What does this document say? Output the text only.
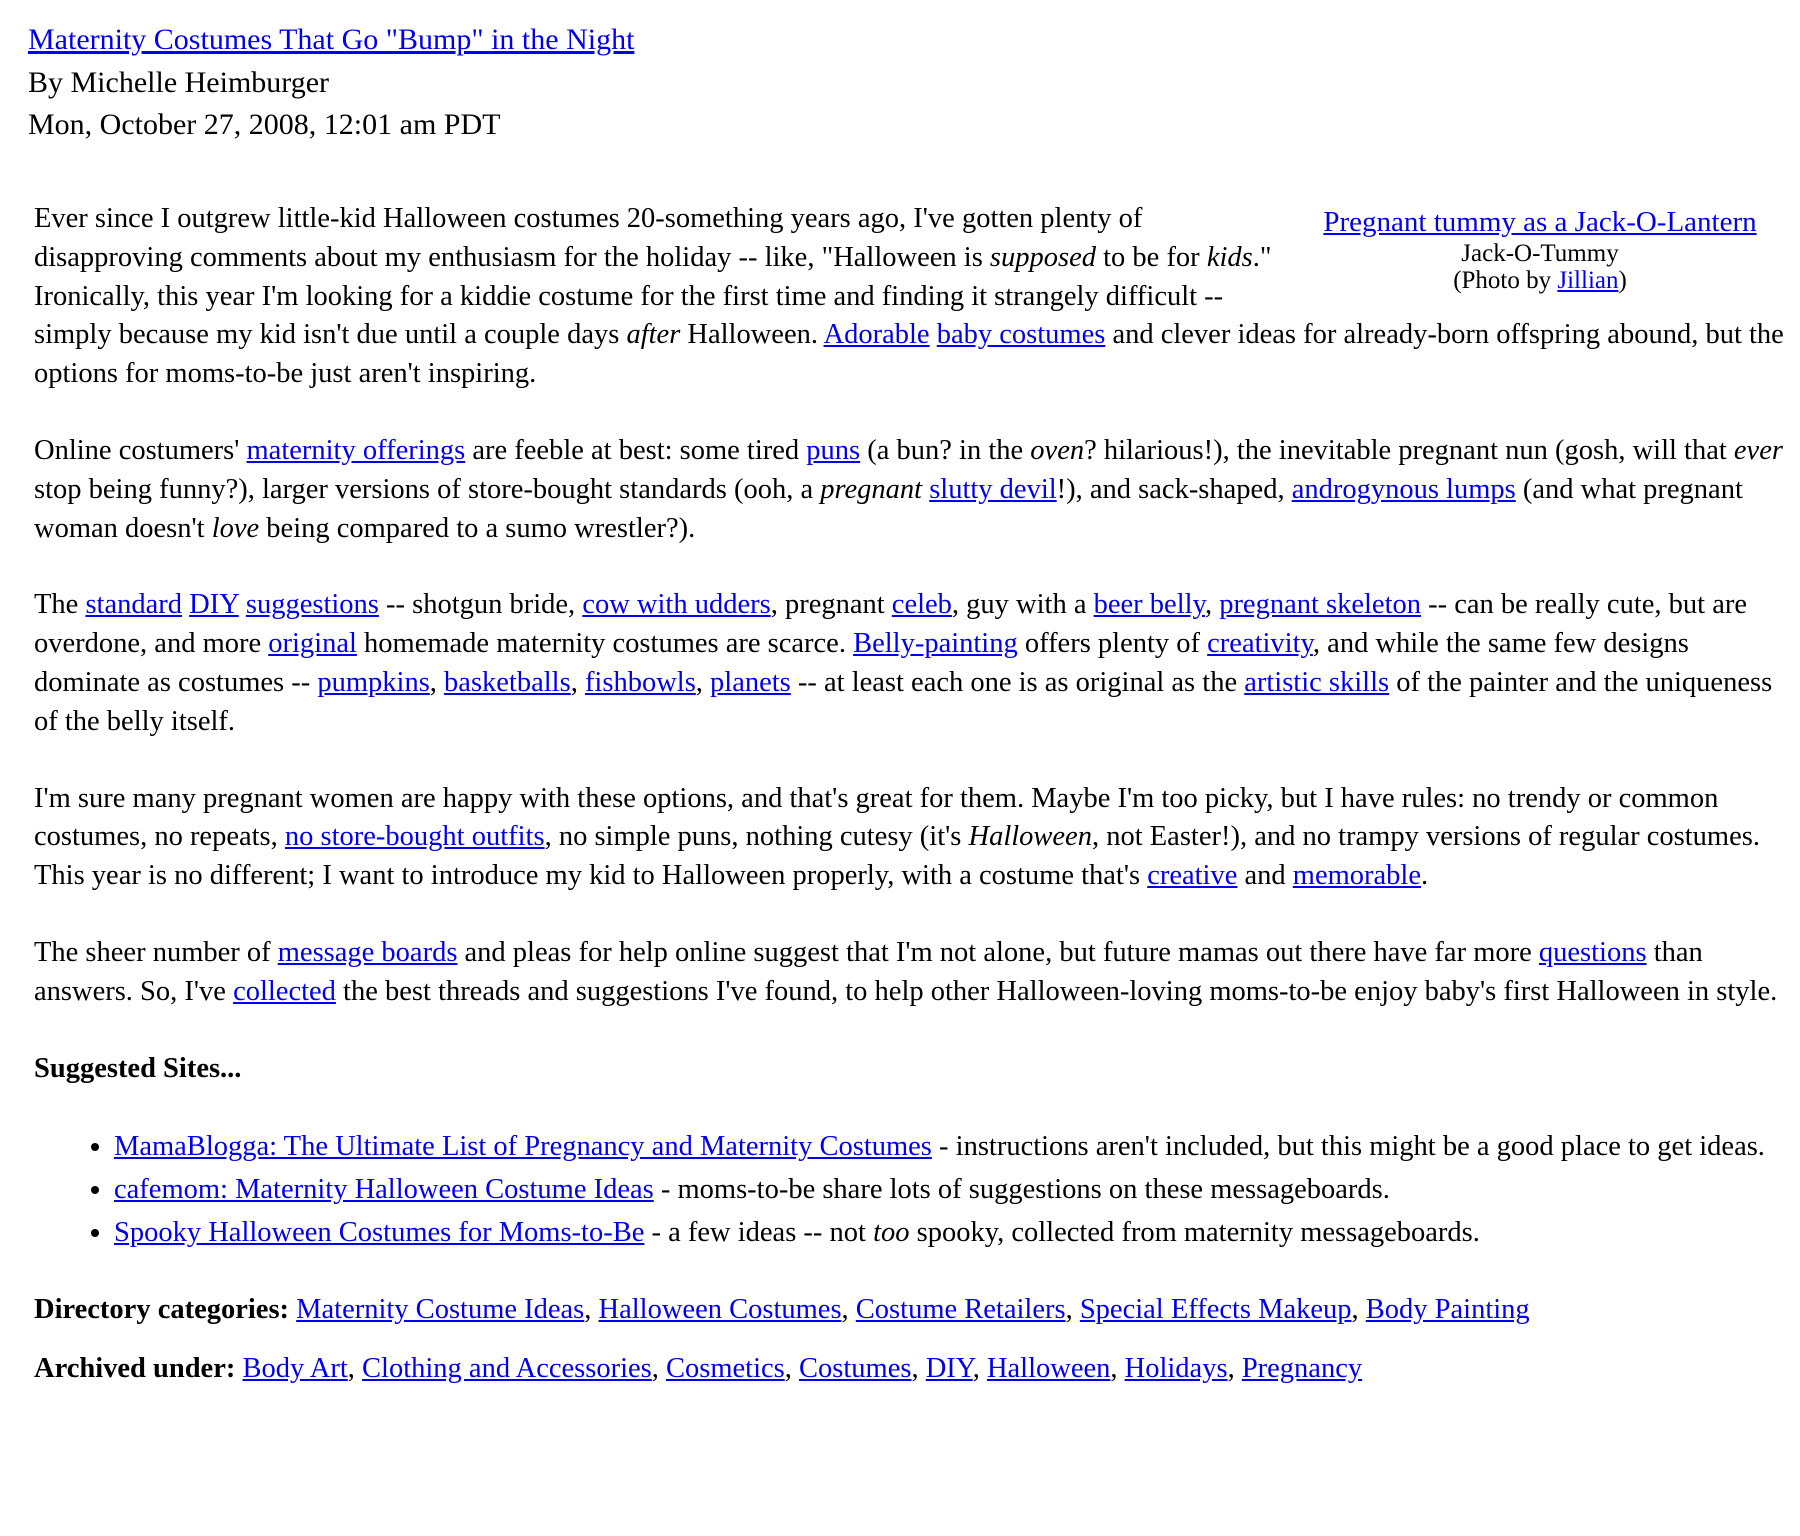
Maternity Costumes That Go "Bump" in the Night
By Michelle Heimburger
Mon, October 27, 2008, 12:01 am PDT
Pregnant tummy as a Jack-O-Lantern
Jack-O-Tummy
(Photo by Jillian)

Ever since I outgrew little-kid Halloween costumes 20-something years ago, I've gotten plenty of disapproving comments about my enthusiasm for the holiday -- like, "Halloween is supposed to be for kids." Ironically, this year I'm looking for a kiddie costume for the first time and finding it strangely difficult -- simply because my kid isn't due until a couple days after Halloween. Adorable baby costumes and clever ideas for already-born offspring abound, but the options for moms-to-be just aren't inspiring.

Online costumers' maternity offerings are feeble at best: some tired puns (a bun? in the oven? hilarious!), the inevitable pregnant nun (gosh, will that ever stop being funny?), larger versions of store-bought standards (ooh, a pregnant slutty devil!), and sack-shaped, androgynous lumps (and what pregnant woman doesn't love being compared to a sumo wrestler?).

The standard DIY suggestions -- shotgun bride, cow with udders, pregnant celeb, guy with a beer belly, pregnant skeleton -- can be really cute, but are overdone, and more original homemade maternity costumes are scarce. Belly-painting offers plenty of creativity, and while the same few designs dominate as costumes -- pumpkins, basketballs, fishbowls, planets -- at least each one is as original as the artistic skills of the painter and the uniqueness of the belly itself.

I'm sure many pregnant women are happy with these options, and that's great for them. Maybe I'm too picky, but I have rules: no trendy or common costumes, no repeats, no store-bought outfits, no simple puns, nothing cutesy (it's Halloween, not Easter!), and no trampy versions of regular costumes. This year is no different; I want to introduce my kid to Halloween properly, with a costume that's creative and memorable.

The sheer number of message boards and pleas for help online suggest that I'm not alone, but future mamas out there have far more questions than answers. So, I've collected the best threads and suggestions I've found, to help other Halloween-loving moms-to-be enjoy baby's first Halloween in style.

Suggested Sites...
• MamaBlogga: The Ultimate List of Pregnancy and Maternity Costumes - instructions aren't included, but this might be a good place to get ideas.
• cafemom: Maternity Halloween Costume Ideas - moms-to-be share lots of suggestions on these messageboards.
• Spooky Halloween Costumes for Moms-to-Be - a few ideas -- not too spooky, collected from maternity messageboards.
Directory categories: Maternity Costume Ideas, Halloween Costumes, Costume Retailers, Special Effects Makeup, Body Painting
Archived under: Body Art, Clothing and Accessories, Cosmetics, Costumes, DIY, Halloween, Holidays, Pregnancy
